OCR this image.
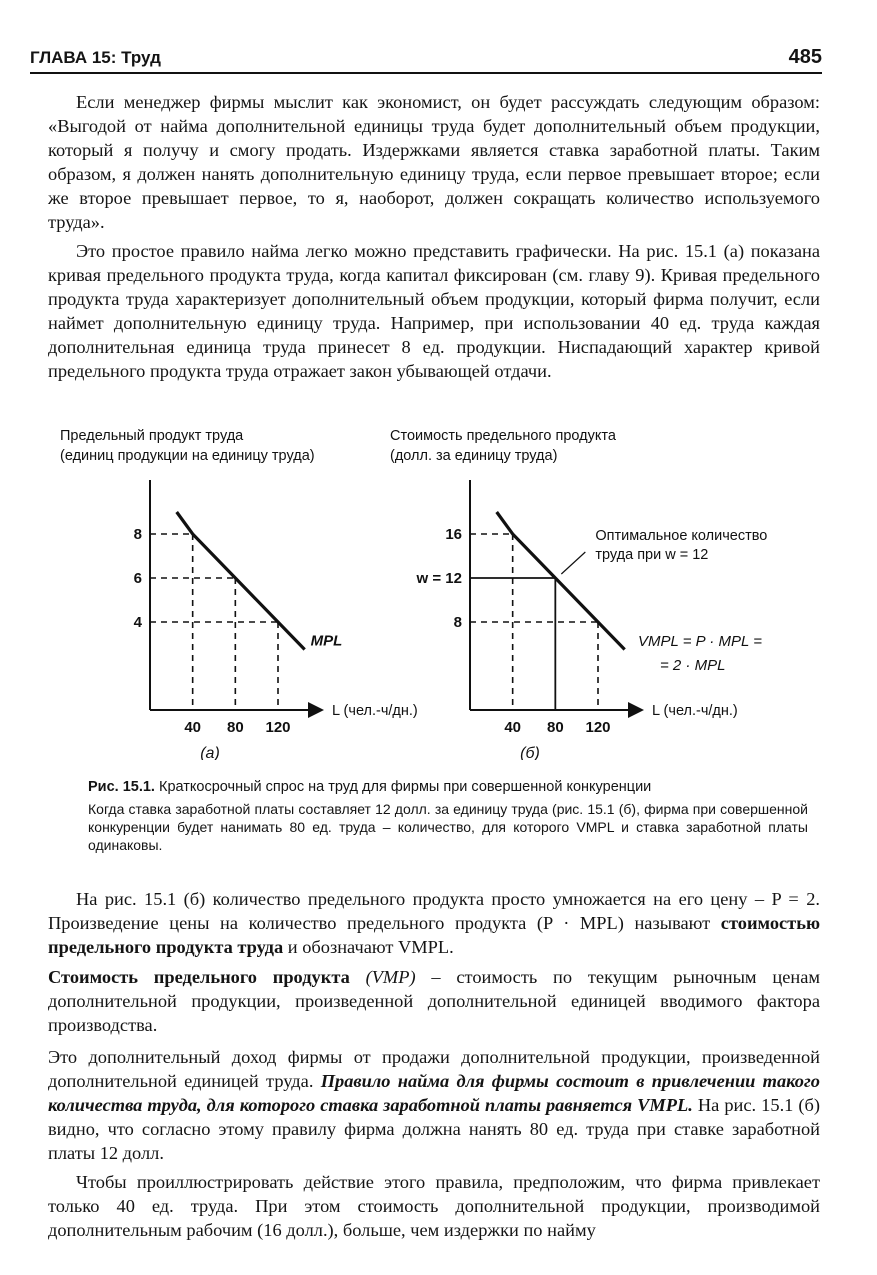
ГЛАВА 15: Труд	485

Если менеджер фирмы мыслит как экономист, он будет рассуждать следующим образом: «Выгодой от найма дополнительной единицы труда будет дополнительный объем продукции, который я получу и смогу продать. Издержками является ставка заработной платы. Таким образом, я должен нанять дополнительную единицу труда, если первое превышает второе; если же второе превышает первое, то я, наоборот, должен сокращать количество используемого труда».

Это простое правило найма легко можно представить графически. На рис. 15.1 (а) показана кривая предельного продукта труда, когда капитал фиксирован (см. главу 9). Кривая предельного продукта труда характеризует дополнительный объем продукции, который фирма получит, если наймет дополнительную единицу труда. Например, при использовании 40 ед. труда каждая дополнительная единица труда принесет 8 ед. продукции. Ниспадающий характер кривой предельного продукта труда отражает закон убывающей отдачи.

Предельный продукт труда
(единиц продукции на единицу труда)
L (чел.-ч/дн.)
40 80 120
4
6
8
MPL
(а)
Стоимость предельного продукта
(долл. за единицу труда)
L (чел.-ч/дн.)
40 80 120
8
w = 12
16	Оптимальное количество
труда при w = 12
VMPL = P · MPL =
= 2 · MPL
(б)
Рис. 15.1. Краткосрочный спрос на труд для фирмы при совершенной конкуренции
Когда ставка заработной платы составляет 12 долл. за единицу труда (рис. 15.1 (б), фирма при совершенной конкуренции будет нанимать 80 ед. труда – количество, для которого VMPL и ставка заработной платы одинаковы.

На рис. 15.1 (б) количество предельного продукта просто умножается на его цену – P = 2. Произведение цены на количество предельного продукта (P · MPL) называют стоимостью предельного продукта труда и обозначают VMPL.

Стоимость предельного продукта (VMP) – стоимость по текущим рыночным ценам дополнительной продукции, произведенной дополнительной единицей вводимого фактора производства.

Это дополнительный доход фирмы от продажи дополнительной продукции, произведенной дополнительной единицей труда. Правило найма для фирмы состоит в привлечении такого количества труда, для которого ставка заработной платы равняется VMPL. На рис. 15.1 (б) видно, что согласно этому правилу фирма должна нанять 80 ед. труда при ставке заработной платы 12 долл.

Чтобы проиллюстрировать действие этого правила, предположим, что фирма привлекает только 40 ед. труда. При этом стоимость дополнительной продукции, производимой дополнительным рабочим (16 долл.), больше, чем издержки по найму
